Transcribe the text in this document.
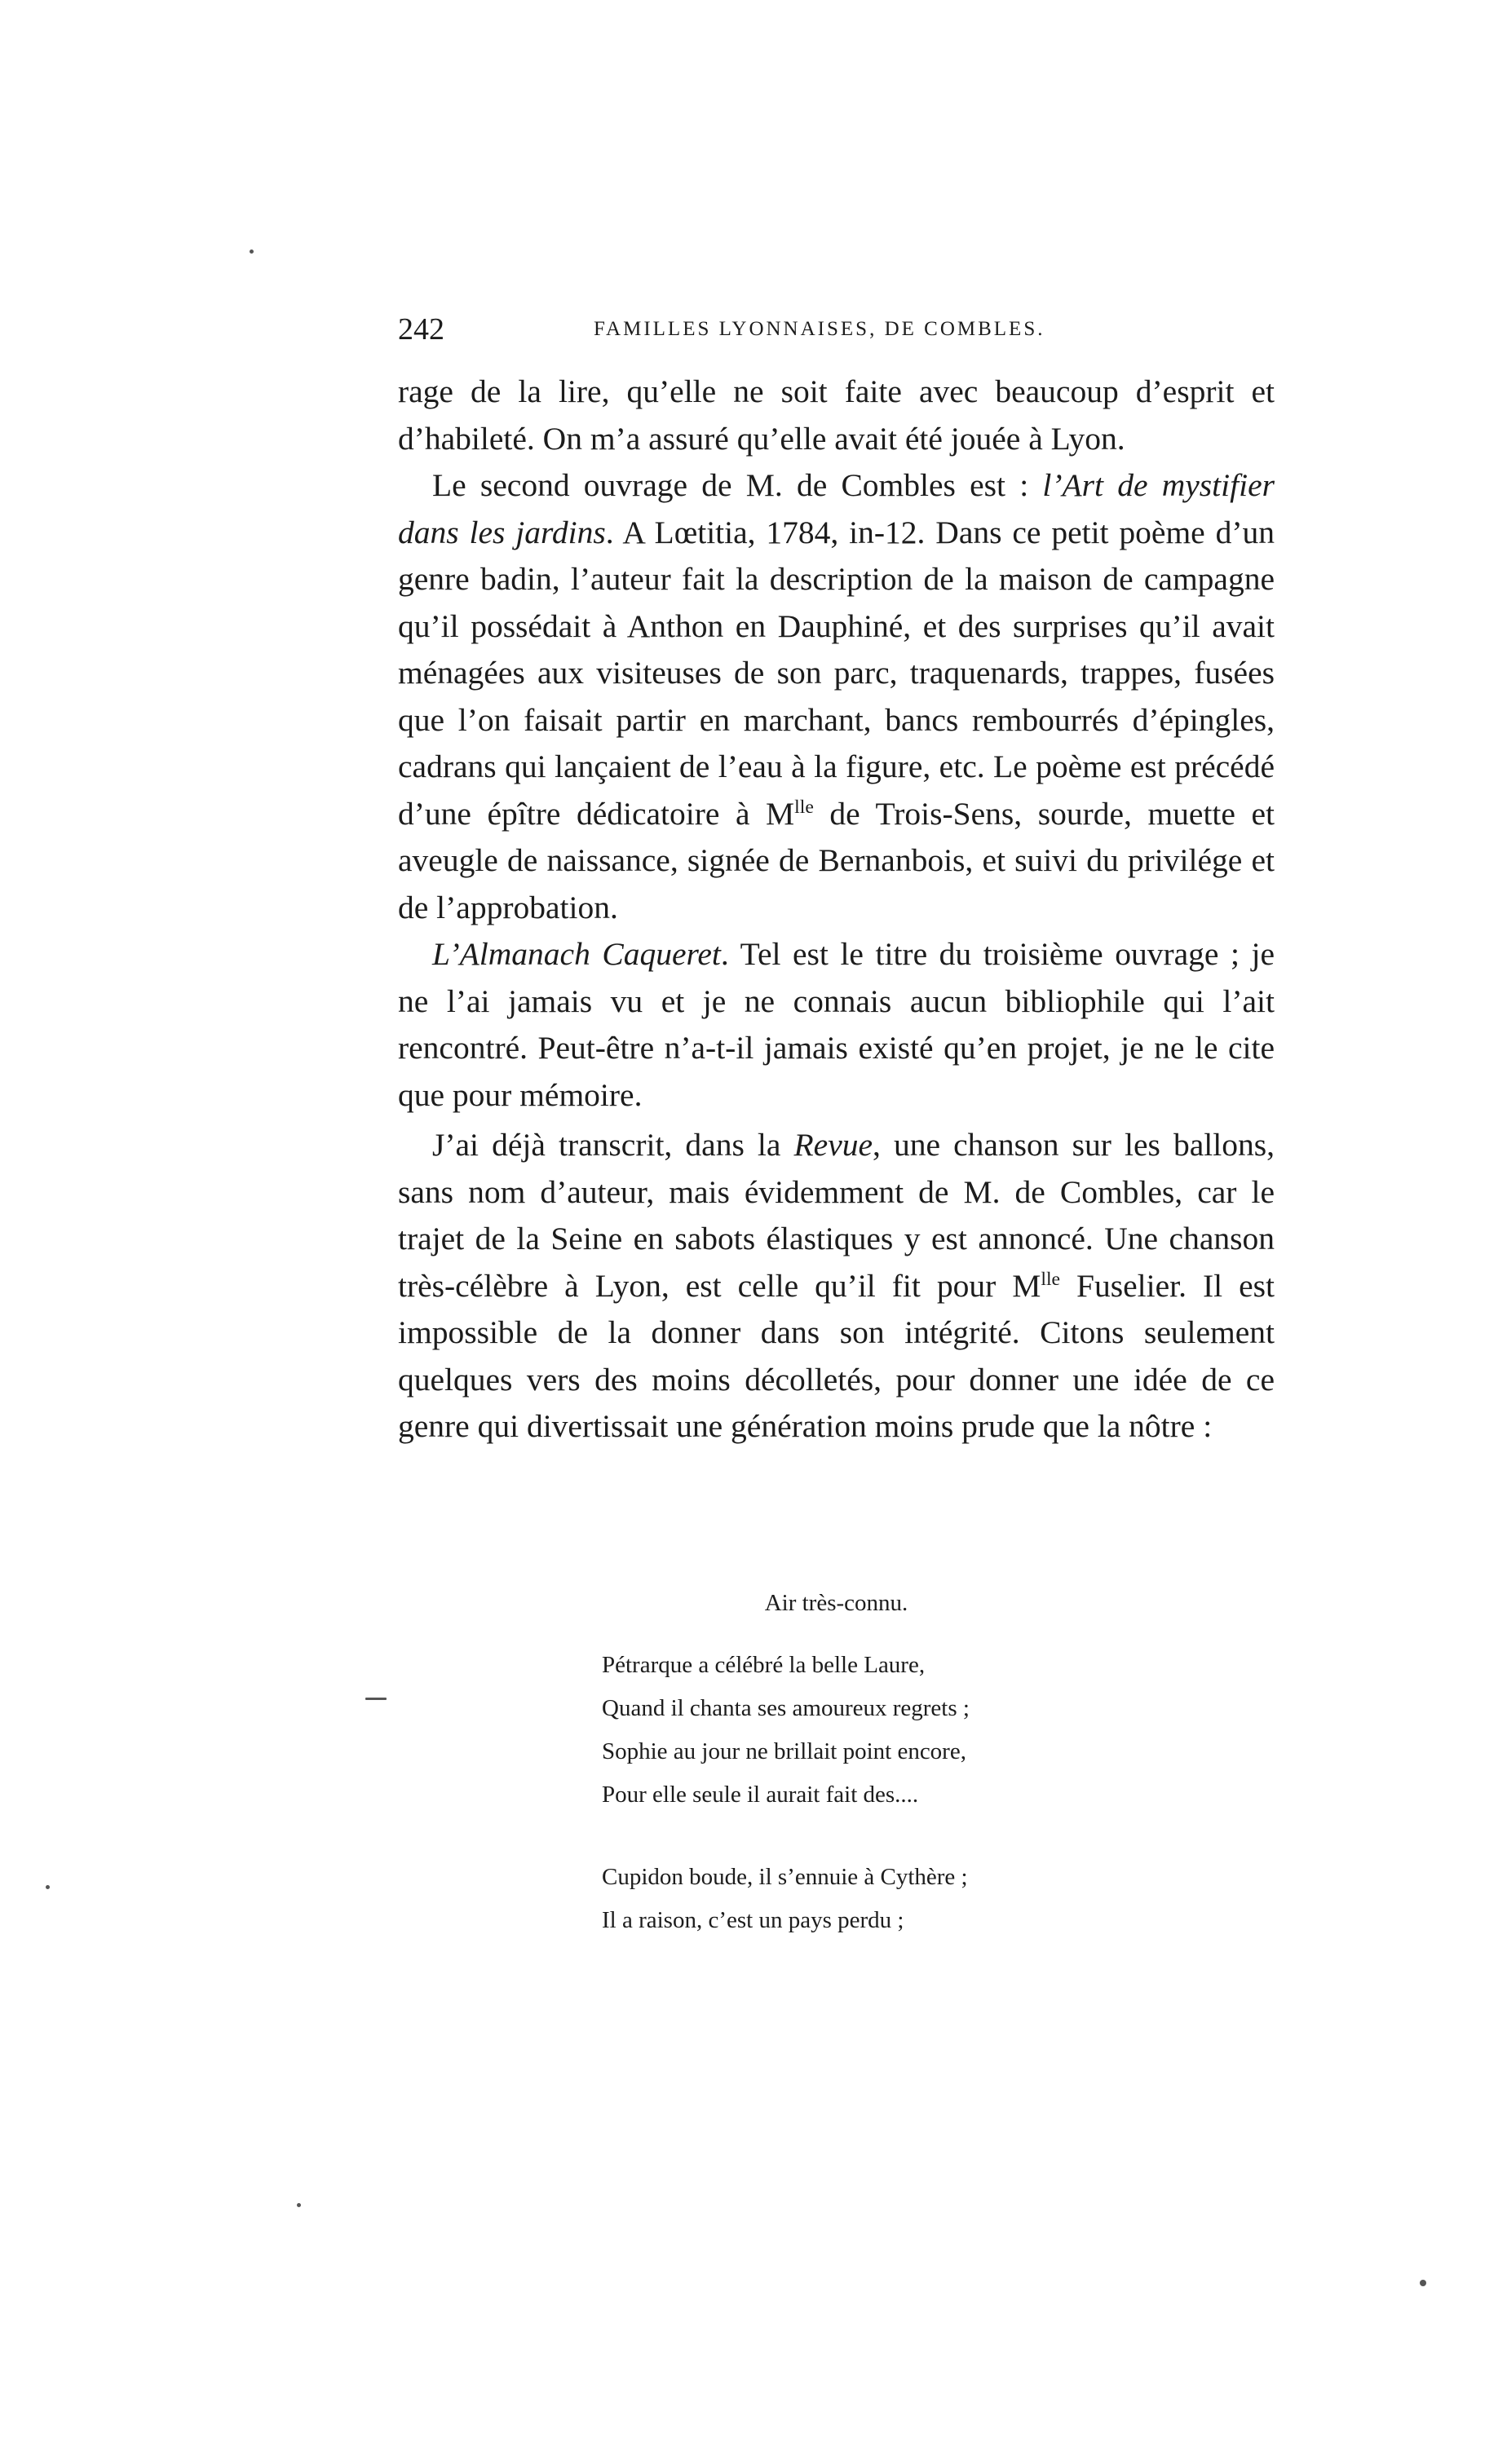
242	FAMILLES LYONNAISES, DE COMBLES.

rage de la lire, qu’elle ne soit faite avec beaucoup d’esprit et d’habileté. On m’a assuré qu’elle avait été jouée à Lyon.

Le second ouvrage de M. de Combles est : l’Art de mystifier dans les jardins. A Lœtitia, 1784, in-12. Dans ce petit poème d’un genre badin, l’auteur fait la description de la maison de campagne qu’il possédait à Anthon en Dauphiné, et des surprises qu’il avait ménagées aux visiteuses de son parc, traquenards, trappes, fusées que l’on faisait partir en marchant, bancs rembourrés d’épingles, cadrans qui lançaient de l’eau à la figure, etc. Le poème est précédé d’une épître dédicatoire à $M^{lle}$ de Trois-Sens, sourde, muette et aveugle de naissance, signée de Bernanbois, et suivi du privilége et de l’approbation.

L’Almanach Caqueret. Tel est le titre du troisième ouvrage ; je ne l’ai jamais vu et je ne connais aucun bibliophile qui l’ait rencontré. Peut-être n’a-t-il jamais existé qu’en projet, je ne le cite que pour mémoire.

J’ai déjà transcrit, dans la Revue, une chanson sur les ballons, sans nom d’auteur, mais évidemment de M. de Combles, car le trajet de la Seine en sabots élastiques y est annoncé. Une chanson très-célèbre à Lyon, est celle qu’il fit pour $M^{lle}$ Fuselier. Il est impossible de la donner dans son intégrité. Citons seulement quelques vers des moins décolletés, pour donner une idée de ce genre qui divertissait une génération moins prude que la nôtre :

Air très-connu.
Pétrarque a célébré la belle Laure,
Quand il chanta ses amoureux regrets ;
Sophie au jour ne brillait point encore,
Pour elle seule il aurait fait des....
Cupidon boude, il s’ennuie à Cythère ;
Il a raison, c’est un pays perdu ;
